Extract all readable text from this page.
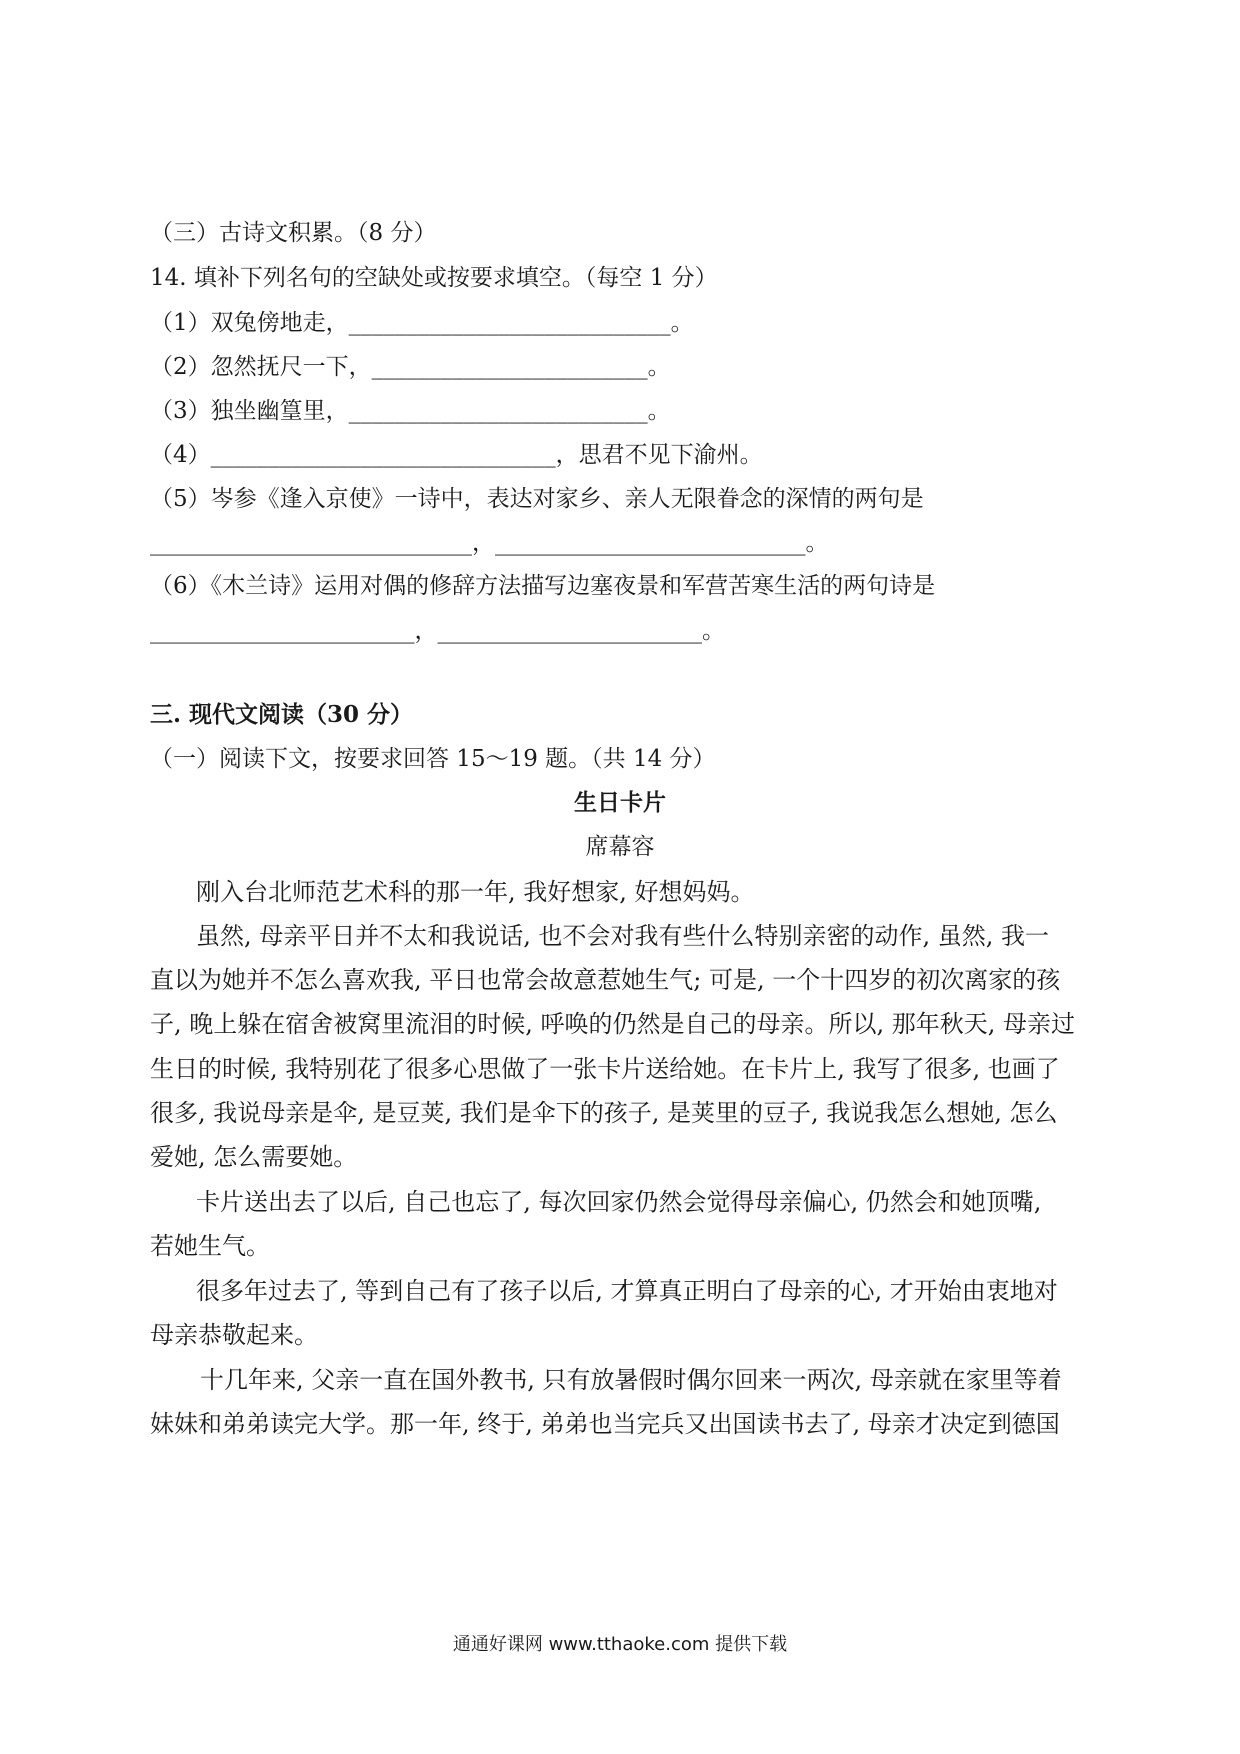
（三）古诗文积累。（8 分）
14. 填补下列名句的空缺处或按要求填空。（每空 1 分）
（1）双兔傍地走，____________________________。
（2）忽然抚尺一下，________________________。
（3）独坐幽篁里，__________________________。
（4）______________________________，思君不见下渝州。
（5）岑参《逢入京使》一诗中，表达对家乡、亲人无限眷念的深情的两句是
____________________________，___________________________。
（6）《木兰诗》运用对偶的修辞方法描写边塞夜景和军营苦寒生活的两句诗是
_______________________，_______________________。
三. 现代文阅读（30 分）
（一）阅读下文，按要求回答 15～19 题。（共 14 分）
生日卡片
席幕容
刚入台北师范艺术科的那一年, 我好想家, 好想妈妈。
虽然, 母亲平日并不太和我说话, 也不会对我有些什么特别亲密的动作, 虽然, 我一
直以为她并不怎么喜欢我, 平日也常会故意惹她生气; 可是, 一个十四岁的初次离家的孩
子, 晚上躲在宿舍被窝里流泪的时候, 呼唤的仍然是自己的母亲。所以, 那年秋天, 母亲过
生日的时候, 我特别花了很多心思做了一张卡片送给她。在卡片上, 我写了很多, 也画了
很多, 我说母亲是伞, 是豆荚, 我们是伞下的孩子, 是荚里的豆子, 我说我怎么想她, 怎么
爱她, 怎么需要她。
卡片送出去了以后, 自己也忘了, 每次回家仍然会觉得母亲偏心, 仍然会和她顶嘴,
若她生气。
很多年过去了, 等到自己有了孩子以后, 才算真正明白了母亲的心, 才开始由衷地对
母亲恭敬起来。
十几年来, 父亲一直在国外教书, 只有放暑假时偶尔回来一两次, 母亲就在家里等着
妹妹和弟弟读完大学。那一年, 终于, 弟弟也当完兵又出国读书去了, 母亲才决定到德国
通通好课网 www.tthaoke.com 提供下载
